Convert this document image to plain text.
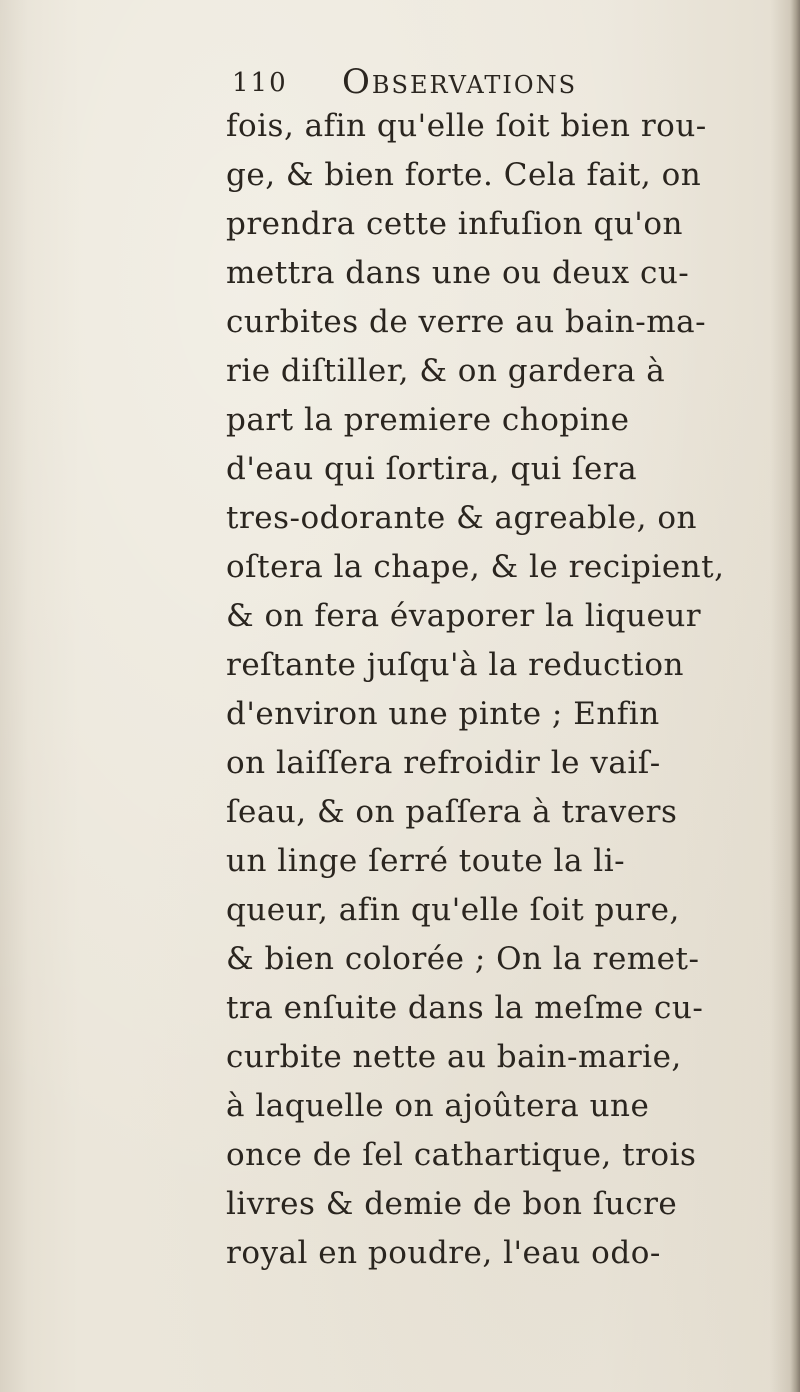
110 Observations
fois, afin qu'elle ſoit bien rou-
ge, & bien forte. Cela fait, on
prendra cette infuſion qu'on
mettra dans une ou deux cu-
curbites de verre au bain-ma-
rie diſtiller, & on gardera à
part la premiere chopine
d'eau qui ſortira, qui ſera
tres-odorante & agreable, on
oſtera la chape, & le recipient,
& on fera évaporer la liqueur
reſtante juſqu'à la reduction
d'environ une pinte ; Enfin
on laiſſera refroidir le vaiſ-
ſeau, & on paſſera à travers
un linge ſerré toute la li-
queur, afin qu'elle ſoit pure,
& bien colorée ; On la remet-
tra enſuite dans la meſme cu-
curbite nette au bain-marie,
à laquelle on ajoûtera une
once de ſel cathartique, trois
livres & demie de bon ſucre
royal en poudre, l'eau odo-
